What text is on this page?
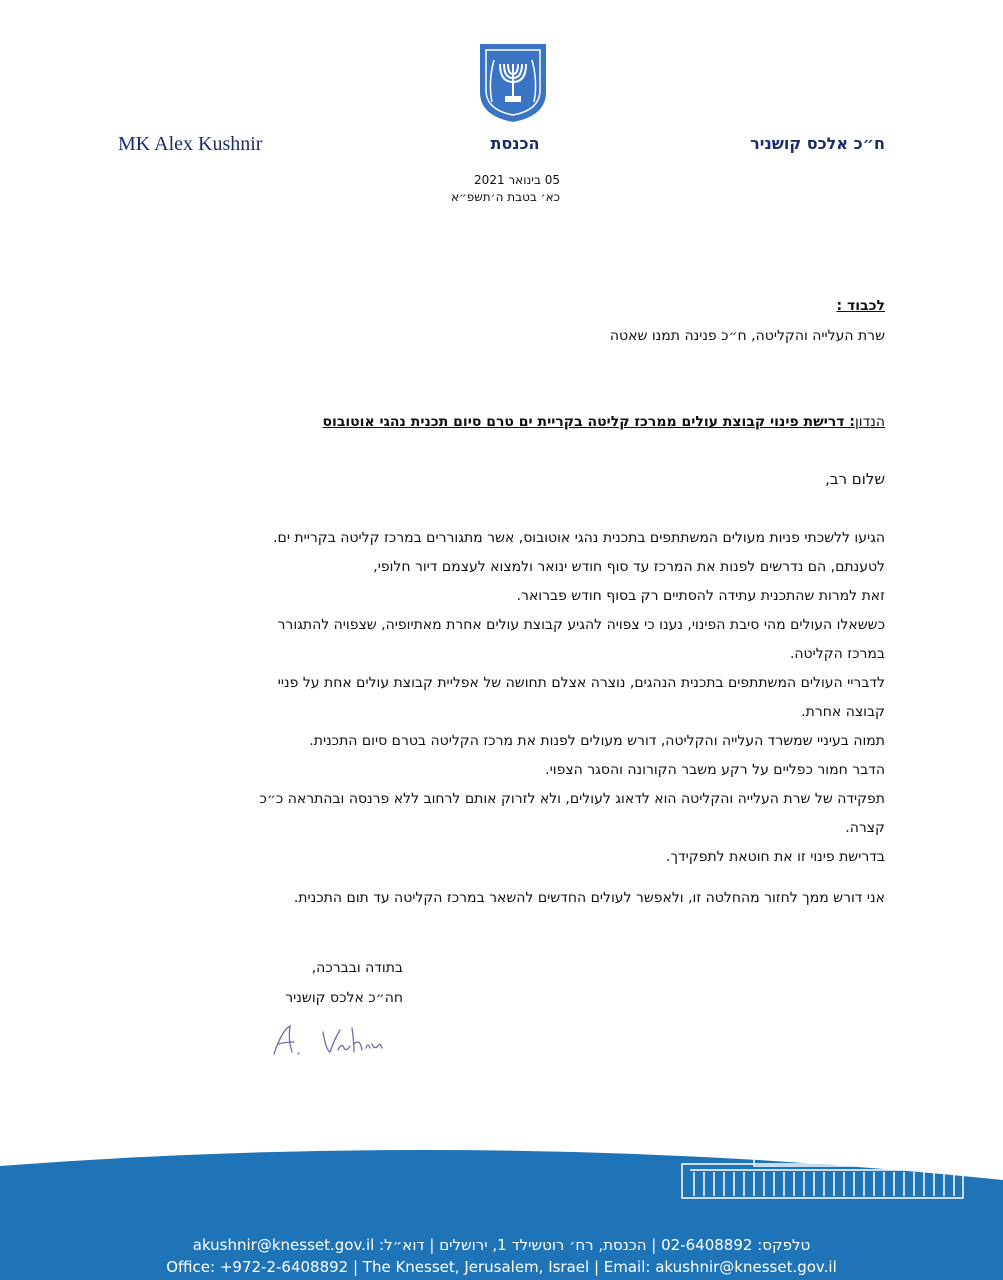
MK Alex Kushnir	הכנסת	ח״כ אלכס קושניר
05 בינואר 2021
כא׳ בטבת ה׳תשפ״א
לכבוד :
שרת העלייה והקליטה, ח״כ פנינה תמנו שאטה
הנדון: דרישת פינוי קבוצת עולים ממרכז קליטה בקריית ים טרם סיום תכנית נהגי אוטובוס
שלום רב,
הגיעו ללשכתי פניות מעולים המשתתפים בתכנית נהגי אוטובוס, אשר מתגוררים במרכז קליטה בקריית ים.
לטענתם, הם נדרשים לפנות את המרכז עד סוף חודש ינואר ולמצוא לעצמם דיור חלופי,
זאת למרות שהתכנית עתידה להסתיים רק בסוף חודש פברואר.
כששאלו העולים מהי סיבת הפינוי, נענו כי צפויה להגיע קבוצת עולים אחרת מאתיופיה, שצפויה להתגורר
במרכז הקליטה.
לדבריי העולים המשתתפים בתכנית הנהגים, נוצרה אצלם תחושה של אפליית קבוצת עולים אחת על פניי
קבוצה אחרת.
תמוה בעיניי שמשרד העלייה והקליטה, דורש מעולים לפנות את מרכז הקליטה בטרם סיום התכנית.
הדבר חמור כפליים על רקע משבר הקורונה והסגר הצפוי.
תפקידה של שרת העלייה והקליטה הוא לדאוג לעולים, ולא לזרוק אותם לרחוב ללא פרנסה ובהתראה כ״כ
קצרה.
בדרישת פינוי זו את חוטאת לתפקידך.
אני דורש ממך לחזור מהחלטה זו, ולאפשר לעולים החדשים להשאר במרכז הקליטה עד תום התכנית.
בתודה ובברכה,
חה״כ אלכס קושניר
טלפקס: 02-6408892 | הכנסת, רח׳ רוטשילד 1, ירושלים | דוא״ל: akushnir@knesset.gov.il
Office: +972-2-6408892 | The Knesset, Jerusalem, Israel | Email: akushnir@knesset.gov.il
